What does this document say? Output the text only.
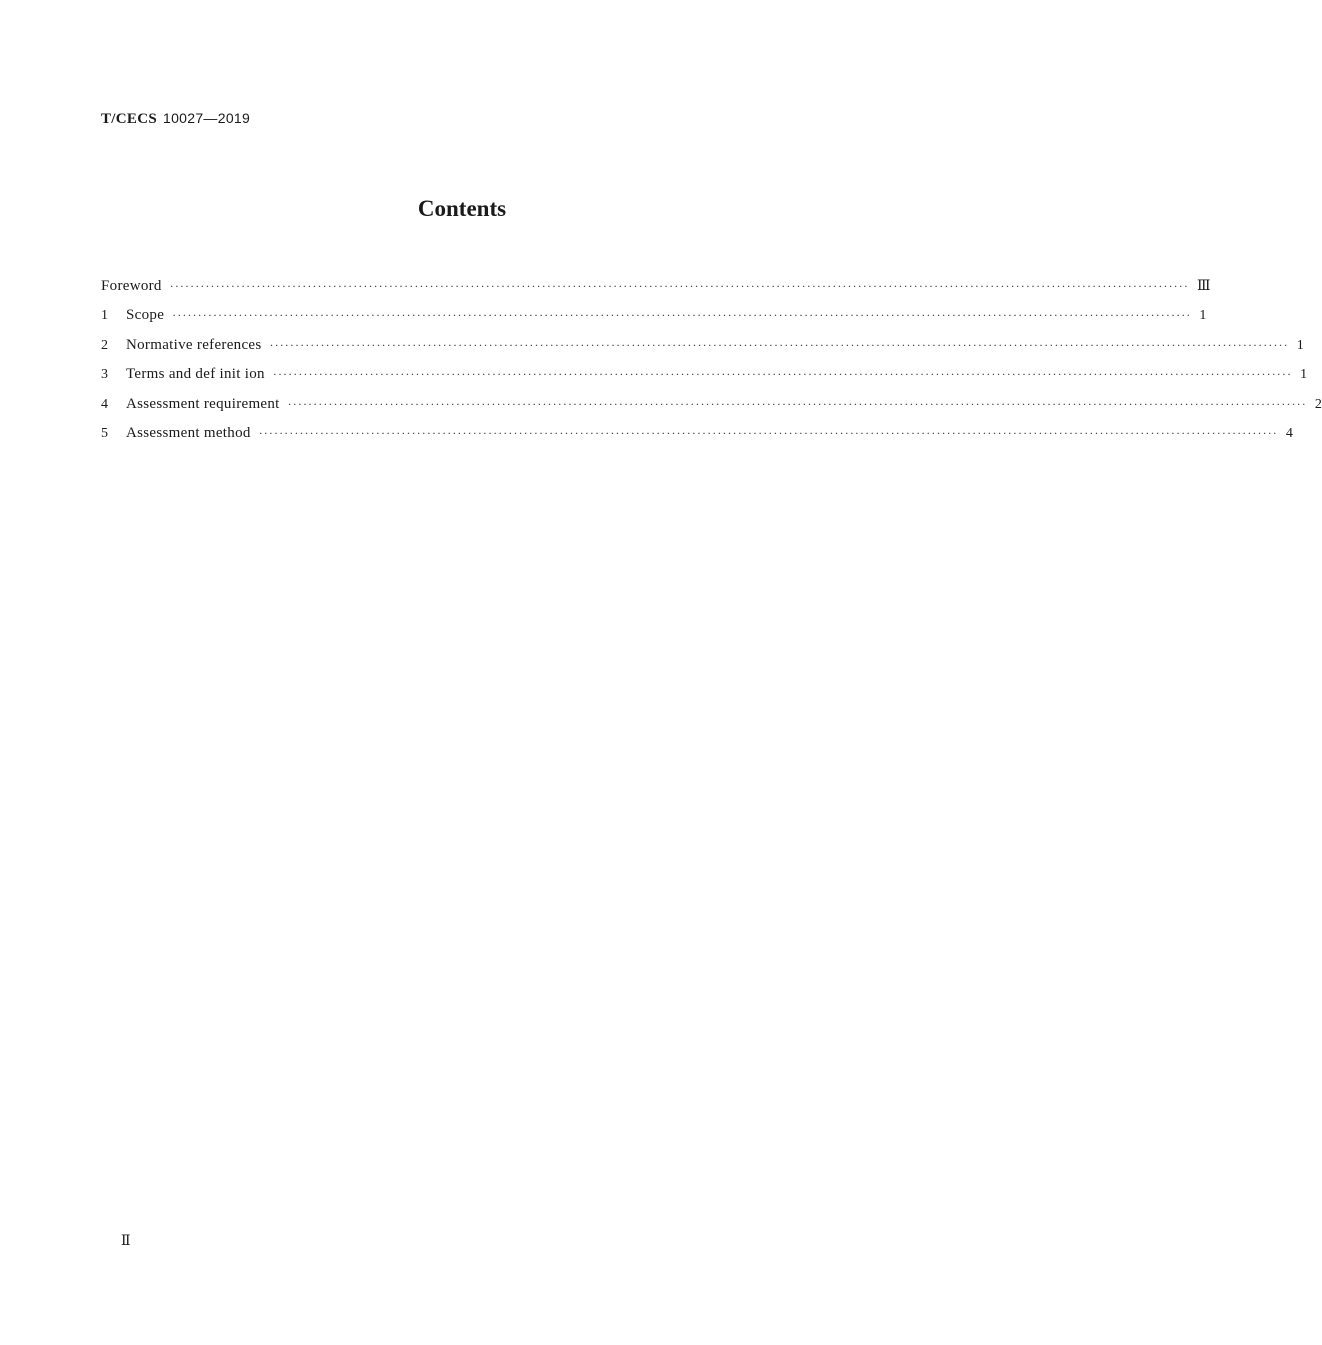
T/CECS 10027—2019
Contents
Foreword ········································································································································································································ Ⅲ
1	Scope ········································································································································································································ 1
2	Normative references ········································································································································································································ 1
3	Terms and def init ion ········································································································································································································ 1
4	Assessment requirement ········································································································································································································ 2
5	Assessment method ········································································································································································································ 4
Ⅱ
